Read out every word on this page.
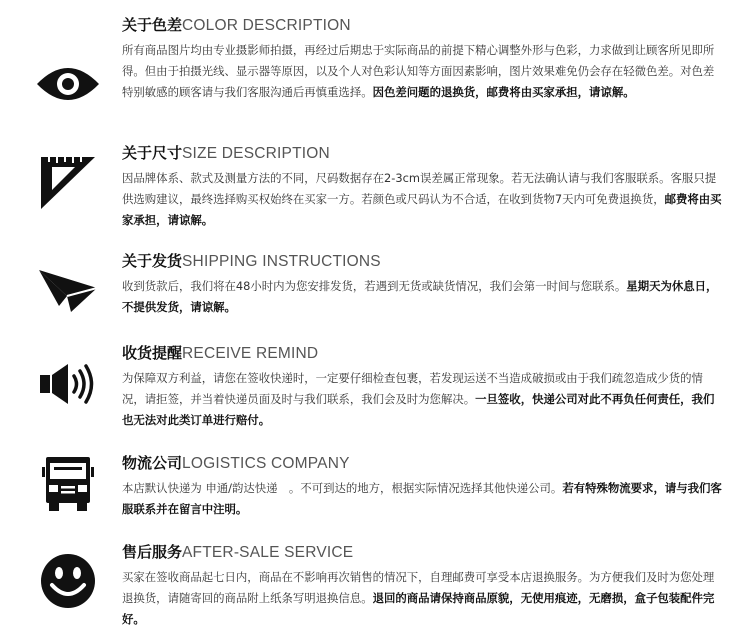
关于色差COLOR DESCRIPTION
所有商品图片均由专业摄影师拍摄，再经过后期忠于实际商品的前提下精心调整外形与色彩，力求做到让顾客所见即所得。但由于拍摄光线、显示器等原因，以及个人对色彩认知等方面因素影响，图片效果难免仍会存在轻微色差。对色差特别敏感的顾客请与我们客服沟通后再慎重选择。因色差问题的退换货，邮费将由买家承担，请谅解。
关于尺寸SIZE DESCRIPTION
因品牌体系、款式及测量方法的不同，尺码数据存在2-3cm误差属正常现象。若无法确认请与我们客服联系。客服只提供选购建议，最终选择购买权始终在买家一方。若颜色或尺码认为不合适，在收到货物7天内可免费退换货，邮费将由买家承担，请谅解。
关于发货SHIPPING INSTRUCTIONS
收到货款后，我们将在48小时内为您安排发货，若遇到无货或缺货情况，我们会第一时间与您联系。星期天为休息日，不提供发货，请谅解。
收货提醒RECEIVE REMIND
为保障双方利益，请您在签收快递时，一定要仔细检查包裹，若发现运送不当造成破损或由于我们疏忽造成少货的情况，请拒签，并当着快递员面及时与我们联系，我们会及时为您解决。一旦签收，快递公司对此不再负任何责任，我们也无法对此类订单进行赔付。
物流公司LOGISTICS COMPANY
本店默认快递为 申通/韵达快递　。不可到达的地方，根据实际情况选择其他快递公司。若有特殊物流要求，请与我们客服联系并在留言中注明。
售后服务AFTER-SALE SERVICE
买家在签收商品起七日内，商品在不影响再次销售的情况下，自理邮费可享受本店退换服务。为方便我们及时为您处理退换货，请随寄回的商品附上纸条写明退换信息。退回的商品请保持商品原貌，无使用痕迹，无磨损，盒子包装配件完好。
